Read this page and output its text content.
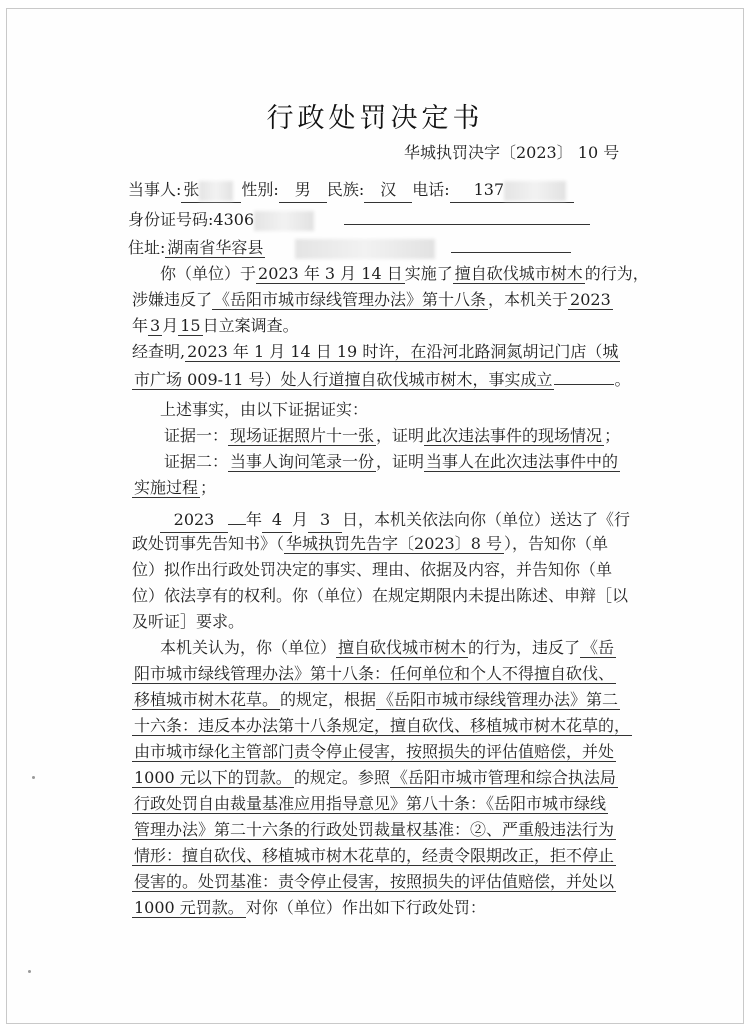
行政处罚决定书
华城执罚决字〔2023〕 10 号
当事人: 张	性别: 男 民族: 汉 电话: 137
身份证号码:4306
住址: 湖南省华容县
你（单位）于 2023 年 3 月 14 日 实施了 擅自砍伐城市树木 的行为，
涉嫌违反了 《岳阳市城市绿线管理办法》第十八条 ，本机关于 2023
年 3 月 15 日立案调查。
经查明, 2023 年 1 月 14 日 19 时许，在沿河北路洞氮胡记门店（城
市广场 009-11 号）处人行道擅自砍伐城市树木，事实成立	。
上述事实，由以下证据证实：
证据一： 现场证据照片十一张 ，证明 此次违法事件的现场情况 ；
证据二： 当事人询问笔录一份 ，证明 当事人在此次违法事件中的
实施过程 ；
2023 年 4 月 3 日，本机关依法向你（单位）送达了《行
政处罚事先告知书》（ 华城执罚先告字〔2023〕8 号 ），告知你（单
位）拟作出行政处罚决定的事实、理由、依据及内容，并告知你（单
位）依法享有的权利。你（单位）在规定期限内未提出陈述、申辩［以
及听证］要求。
本机关认为，你（单位） 擅自砍伐城市树木 的行为，违反了 《岳
阳市城市绿线管理办法》第十八条：任何单位和个人不得擅自砍伐、
移植城市树木花草。 的规定，根据 《岳阳市城市绿线管理办法》第二
十六条：违反本办法第十八条规定，擅自砍伐、移植城市树木花草的，
由市城市绿化主管部门责令停止侵害，按照损失的评估值赔偿，并处
1000 元以下的罚款。 的规定。参照 《岳阳市城市管理和综合执法局
行政处罚自由裁量基准应用指导意见》第八十条：《岳阳市城市绿线
管理办法》第二十六条的行政处罚裁量权基准：②、严重般违法行为
情形：擅自砍伐、移植城市树木花草的，经责令限期改正，拒不停止
侵害的。处罚基准：责令停止侵害，按照损失的评估值赔偿，并处以
1000 元罚款。 对你（单位）作出如下行政处罚：
